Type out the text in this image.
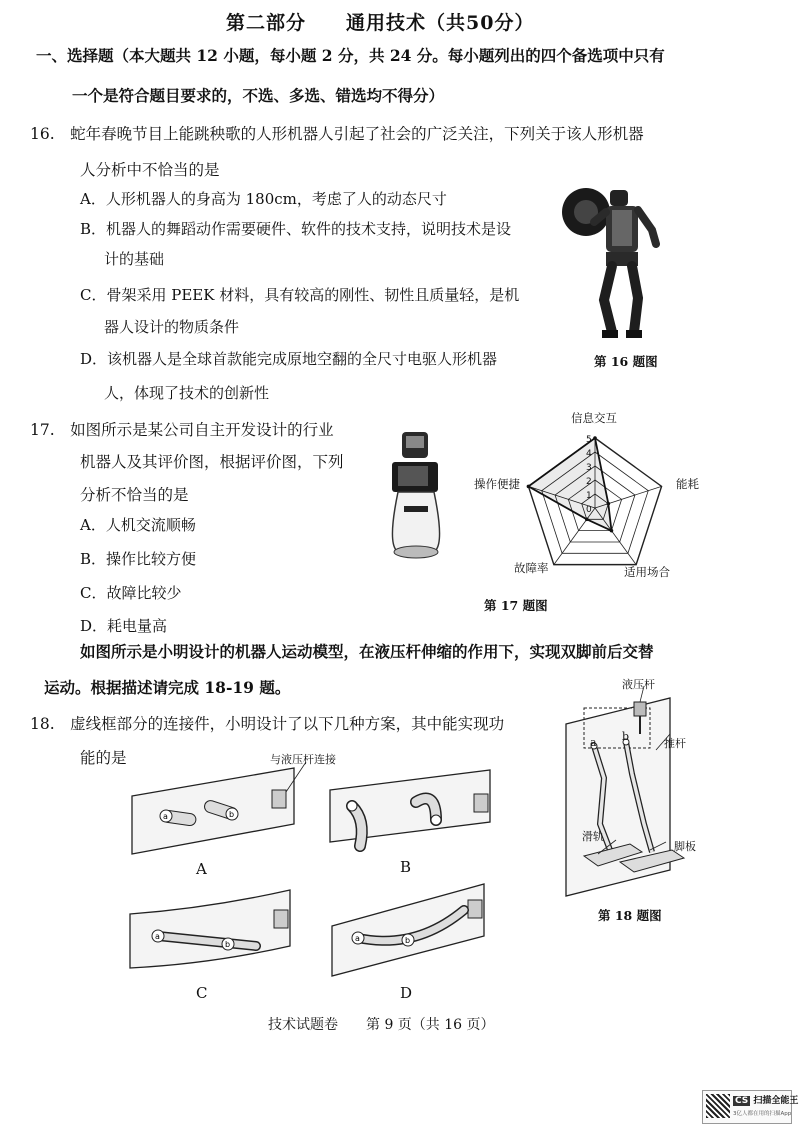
第二部分　　通用技术（共50分）
一、选择题（本大题共 12 小题，每小题 2 分，共 24 分。每小题列出的四个备选项中只有
一个是符合题目要求的，不选、多选、错选均不得分）
16.　蛇年春晚节目上能跳秧歌的人形机器人引起了社会的广泛关注，下列关于该人形机器
人分析中不恰当的是
A．人形机器人的身高为 180cm，考虑了人的动态尺寸
B．机器人的舞蹈动作需要硬件、软件的技术支持，说明技术是设
计的基础
C．骨架采用 PEEK 材料，具有较高的刚性、韧性且质量轻，是机
器人设计的物质条件
D．该机器人是全球首款能完成原地空翻的全尺寸电驱人形机器
人，体现了技术的创新性
第 16 题图
17.　如图所示是某公司自主开发设计的行业
机器人及其评价图，根据评价图，下列
分析不恰当的是
A．人机交流顺畅
B．操作比较方便
C．故障比较少
D．耗电量高
5
4
3
2
1
0
信息交互
能耗
适用场合
故障率
操作便捷
第 17 题图
如图所示是小明设计的机器人运动模型，在液压杆伸缩的作用下，实现双脚前后交替
运动。根据描述请完成 18-19 题。
18.　虚线框部分的连接件，小明设计了以下几种方案，其中能实现功
能的是
a	b
a
b
a	b
与液压杆连接
A	B
C	D
液压杆
推杆
滑轨
脚板
a b
第 18 题图
技术试题卷　　第 9 页（共 16 页）
CS 扫描全能王
3亿人都在用的扫描App
